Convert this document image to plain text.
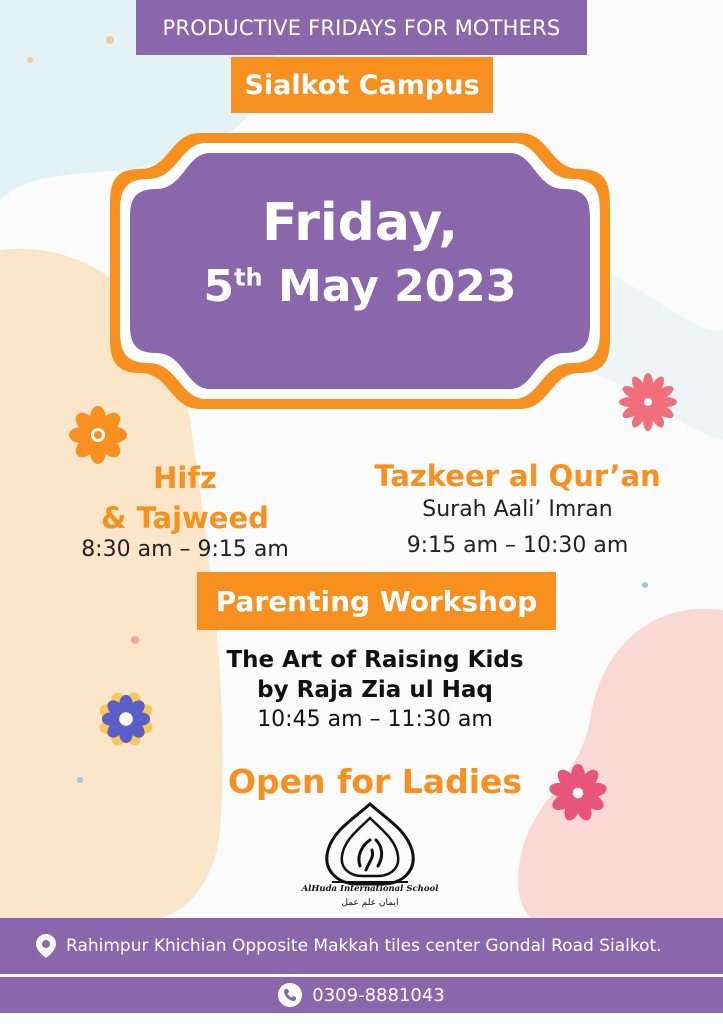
PRODUCTIVE FRIDAYS FOR MOTHERS
Sialkot Campus
Friday,
5th May 2023
Hifz
& Tajweed
8:30 am – 9:15 am
Tazkeer al Qur’an
Surah Aali’ Imran
9:15 am – 10:30 am
Parenting Workshop
The Art of Raising Kids
by Raja Zia ul Haq
10:45 am – 11:30 am
Open for Ladies
AlHuda International School
ایمان علم عمل
Rahimpur Khichian Opposite Makkah tiles center Gondal Road Sialkot.
0309-8881043
